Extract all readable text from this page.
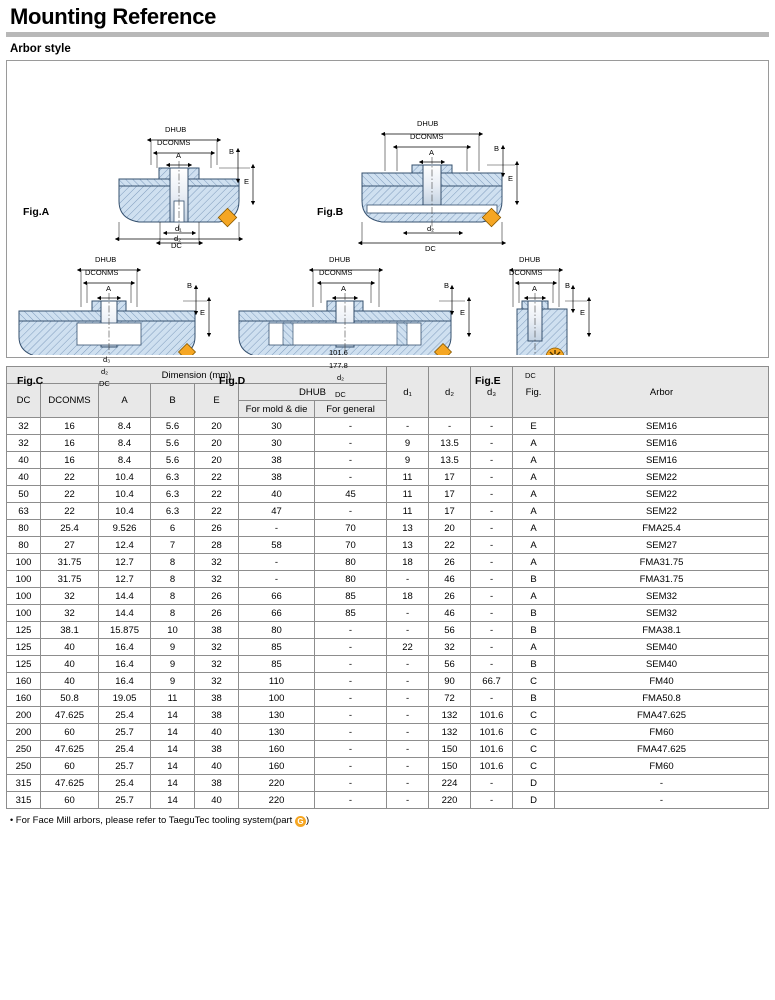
Mounting Reference
Arbor style
Fig.A
DHUB
DCONMS
A	B
E
d₁
d₂
DC
Fig.B
DHUB
DCONMS
A	B
E
d₂
DC
Fig.C
DHUB
DCONMS
A	B
E
d₃
d₂
DC	Fig.D
DHUB
DCONMS
A	B
E
101.6
177.8
d₂
DC
Fig.E
DHUB
DCONMS
A	B
E
DC
Dimension (mm)							d₁	d₂	d₃	Fig.	Arbor
DC	DCONMS	A	B	E	DHUB						
					For mold & die	For general					
32	16	8.4	5.6	20	30	-	-	-	-	E	SEM16
32	16	8.4	5.6	20	30	-	9	13.5	-	A	SEM16
40	16	8.4	5.6	20	38	-	9	13.5	-	A	SEM16
40	22	10.4	6.3	22	38	-	11	17	-	A	SEM22
50	22	10.4	6.3	22	40	45	11	17	-	A	SEM22
63	22	10.4	6.3	22	47	-	11	17	-	A	SEM22
80	25.4	9.526	6	26	-	70	13	20	-	A	FMA25.4
80	27	12.4	7	28	58	70	13	22	-	A	SEM27
100	31.75	12.7	8	32	-	80	18	26	-	A	FMA31.75
100	31.75	12.7	8	32	-	80	-	46	-	B	FMA31.75
100	32	14.4	8	26	66	85	18	26	-	A	SEM32
100	32	14.4	8	26	66	85	-	46	-	B	SEM32
125	38.1	15.875	10	38	80	-	-	56	-	B	FMA38.1
125	40	16.4	9	32	85	-	22	32	-	A	SEM40
125	40	16.4	9	32	85	-	-	56	-	B	SEM40
160	40	16.4	9	32	110	-	-	90	66.7	C	FM40
160	50.8	19.05	11	38	100	-	-	72	-	B	FMA50.8
200	47.625	25.4	14	38	130	-	-	132	101.6	C	FMA47.625
200	60	25.7	14	40	130	-	-	132	101.6	C	FM60
250	47.625	25.4	14	38	160	-	-	150	101.6	C	FMA47.625
250	60	25.7	14	40	160	-	-	150	101.6	C	FM60
315	47.625	25.4	14	38	220	-	-	224	-	D	-
315	60	25.7	14	40	220	-	-	220	-	D	-
• For Face Mill arbors, please refer to TaeguTec tooling system(part G )
